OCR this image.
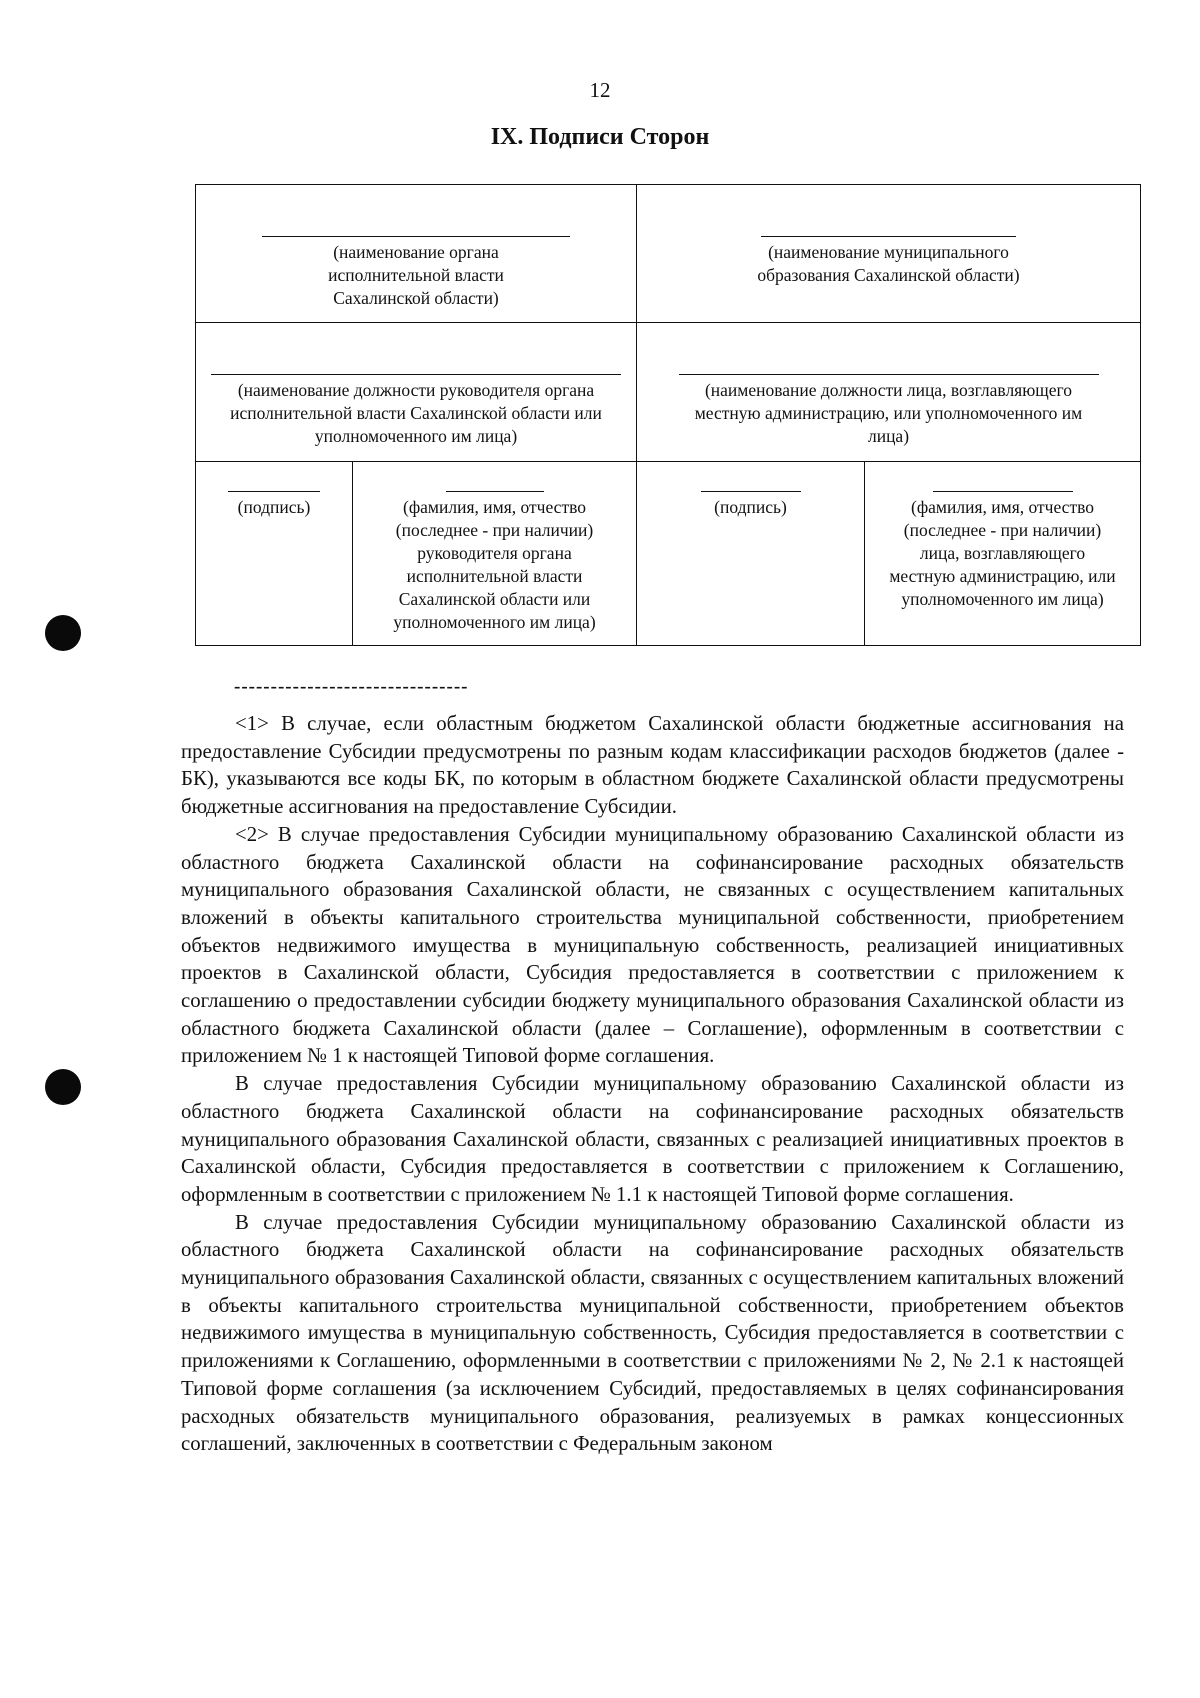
12
IX. Подписи Сторон
(наименование органа исполнительной власти Сахалинской области)		(наименование муниципального образования Сахалинской области)	

(наименование должности руководителя органа исполнительной власти Сахалинской области или уполномоченного им лица)		(наименование должности лица, возглавляющего местную администрацию, или уполномоченного им лица)	

(подпись)	(фамилия, имя, отчество (последнее - при наличии) руководителя органа исполнительной власти Сахалинской области или уполномоченного им лица)	(подпись)	(фамилия, имя, отчество (последнее - при наличии) лица, возглавляющего местную администрацию, или уполномоченного им лица)
--------------------------------

<1> В случае, если областным бюджетом Сахалинской области бюджетные ассигнования на предоставление Субсидии предусмотрены по разным кодам классификации расходов бюджетов (далее - БК), указываются все коды БК, по которым в областном бюджете Сахалинской области предусмотрены бюджетные ассигнования на предоставление Субсидии.

<2> В случае предоставления Субсидии муниципальному образованию Сахалинской области из областного бюджета Сахалинской области на софинансирование расходных обязательств муниципального образования Сахалинской области, не связанных с осуществлением капитальных вложений в объекты капитального строительства муниципальной собственности, приобретением объектов недвижимого имущества в муниципальную собственность, реализацией инициативных проектов в Сахалинской области, Субсидия предоставляется в соответствии с приложением к соглашению о предоставлении субсидии бюджету муниципального образования Сахалинской области из областного бюджета Сахалинской области (далее – Соглашение), оформленным в соответствии с приложением № 1 к настоящей Типовой форме соглашения.

В случае предоставления Субсидии муниципальному образованию Сахалинской области из областного бюджета Сахалинской области на софинансирование расходных обязательств муниципального образования Сахалинской области, связанных с реализацией инициативных проектов в Сахалинской области, Субсидия предоставляется в соответствии с приложением к Соглашению, оформленным в соответствии с приложением № 1.1 к настоящей Типовой форме соглашения.

В случае предоставления Субсидии муниципальному образованию Сахалинской области из областного бюджета Сахалинской области на софинансирование расходных обязательств муниципального образования Сахалинской области, связанных с осуществлением капитальных вложений в объекты капитального строительства муниципальной собственности, приобретением объектов недвижимого имущества в муниципальную собственность, Субсидия предоставляется в соответствии с приложениями к Соглашению, оформленными в соответствии с приложениями № 2, № 2.1 к настоящей Типовой форме соглашения (за исключением Субсидий, предоставляемых в целях софинансирования расходных обязательств муниципального образования, реализуемых в рамках концессионных соглашений, заключенных в соответствии с Федеральным законом
